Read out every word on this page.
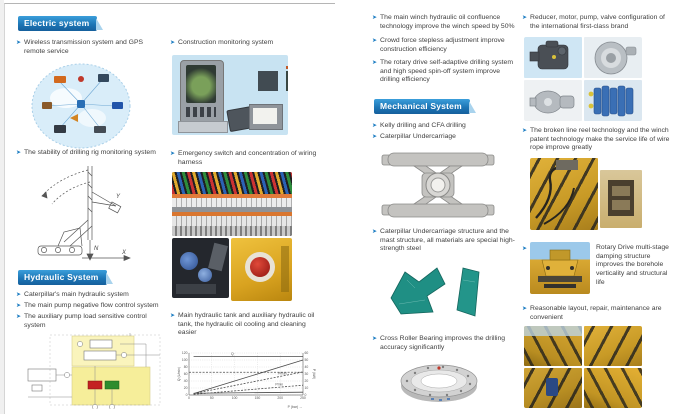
Electric system
➤ Wireless transmission system and GPS remote service
➤ The stability of drilling rig monitoring system
Y
X
N
Hydraulic System
➤ Caterpillar's main hydraulic system
➤ The main pump negative flow control system
➤ The auxiliary pump load sensitive control system
➤ Construction monitoring system
➤ Emergency switch and concentration of wiring harness
➤ Main hydraulic tank and auxiliary hydraulic oil tank, the hydraulic oil cooling and cleaning easier
0	50	100	150	200	250
0
20
40
60
80
100
120
0
10
20
30
40
50
60
Q
Pmax
Pmin
Q (L/min)	P (kW)
P (bar) →
➤ The main winch hydraulic oil confluence technology improve the winch speed by 50%
➤ Crowd force stepless adjustment improve construction efficiency
➤ The rotary drive self-adaptive drilling system and high speed spin-off system improve drilling efficiency
Mechanical System
➤ Kelly drilling and CFA drilling
➤ Caterpillar Undercarriage
➤ Caterpillar Undercarriage structure and the mast structure, all materials are special high-strength steel
➤ Cross Roller Bearing improves the drilling accuracy significantly
➤ Reducer, motor, pump, valve configuration of the international first-class brand
➤ The broken line reel technology and the winch patent technology make the service life of wire rope improve greatly
➤	Rotary Drive multi-stage damping structure improves the borehole verticality and structural life
➤ Reasonable layout, repair, maintenance are convenient
